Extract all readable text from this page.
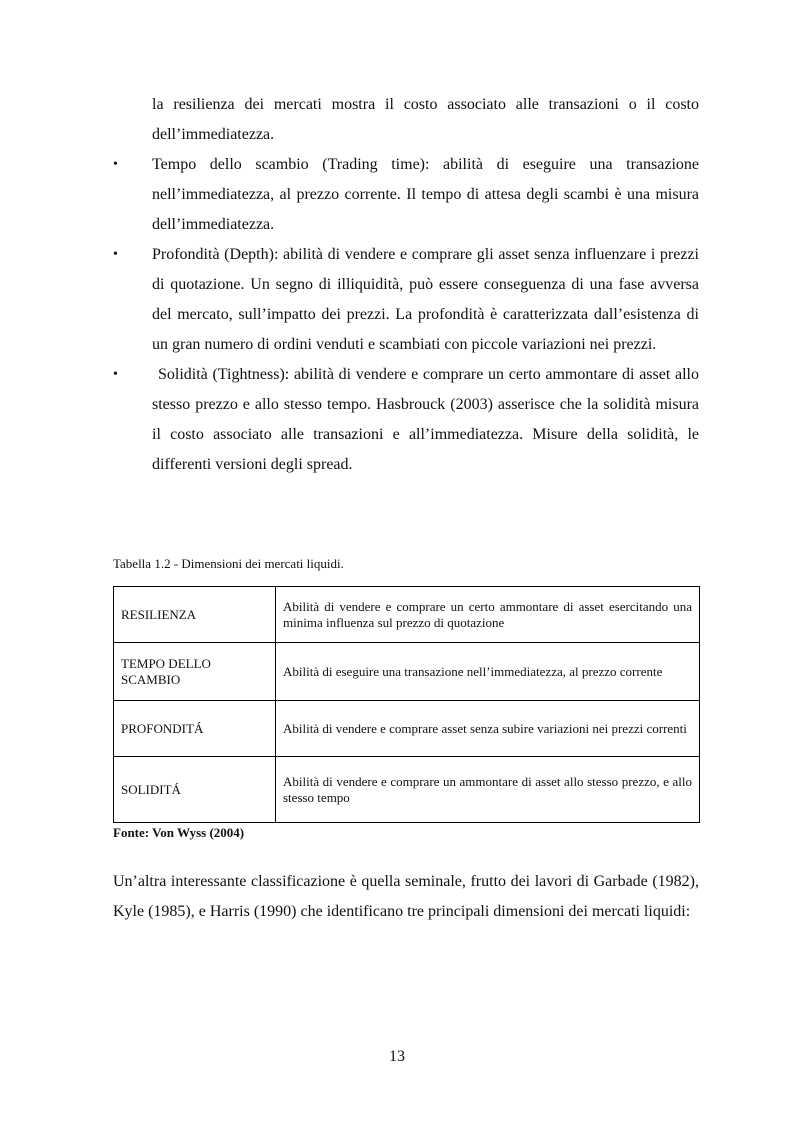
la resilienza dei mercati mostra il costo associato alle transazioni o il costo dell’immediatezza.

• Tempo dello scambio (Trading time): abilità di eseguire una transazione nell’immediatezza, al prezzo corrente. Il tempo di attesa degli scambi è una misura dell’immediatezza.

• Profondità (Depth): abilità di vendere e comprare gli asset senza influenzare i prezzi di quotazione. Un segno di illiquidità, può essere conseguenza di una fase avversa del mercato, sull’impatto dei prezzi. La profondità è caratterizzata dall’esistenza di un gran numero di ordini venduti e scambiati con piccole variazioni nei prezzi.

•	Solidità (Tightness): abilità di vendere e comprare un certo ammontare di asset allo stesso prezzo e allo stesso tempo. Hasbrouck (2003) asserisce che la solidità misura il costo associato alle transazioni e all’immediatezza. Misure della solidità, le differenti versioni degli spread.

Tabella 1.2 - Dimensioni dei mercati liquidi.
RESILIENZA	Abilità di vendere e comprare un certo ammontare di asset esercitando una minima influenza sul prezzo di quotazione
TEMPO DELLO SCAMBIO	Abilità di eseguire una transazione nell’immediatezza, al prezzo corrente
PROFONDITÁ	Abilità di vendere e comprare asset senza subire variazioni nei prezzi correnti
SOLIDITÁ	Abilità di vendere e comprare un ammontare di asset allo stesso prezzo, e allo stesso tempo
Fonte: Von Wyss (2004)

Un’altra interessante classificazione è quella seminale, frutto dei lavori di Garbade (1982), Kyle (1985), e Harris (1990) che identificano tre principali dimensioni dei mercati liquidi:

13
